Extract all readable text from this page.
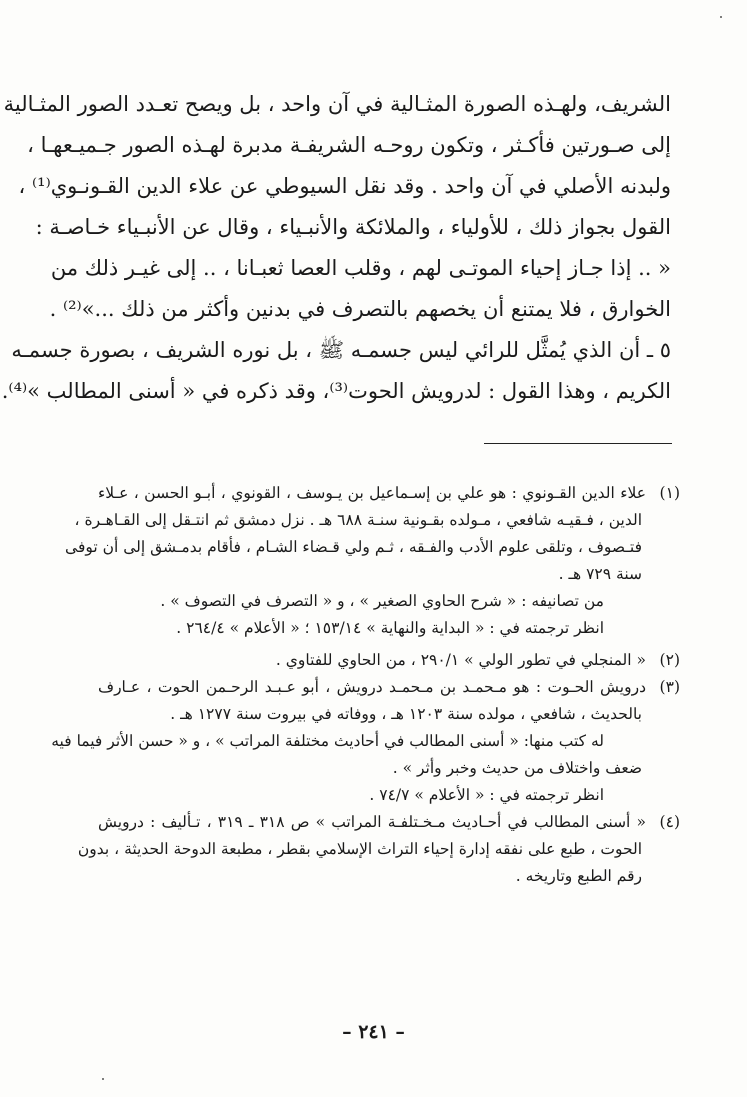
الشريف، ولهـذه الصورة المثـالية في آن واحد ، بل ويصح تعـدد الصور المثـالية

إلى صـورتين فأكـثر ، وتكون روحـه الشريفـة مدبرة لهـذه الصور جـميـعهـا ،

ولبدنه الأصلي في آن واحد . وقد نقل السيوطي عن علاء الدين القـونـوي⁽¹⁾ ،

القول بجواز ذلك ، للأولياء ، والملائكة والأنبـياء ، وقال عن الأنبـياء خـاصـة :

« .. إذا جـاز إحياء الموتـى لهم ، وقلب العصا ثعبـانا ، .. إلى غيـر ذلك من

الخوارق ، فلا يمتنع أن يخصهم بالتصرف في بدنين وأكثر من ذلك ...»⁽²⁾ .

٥ ـ أن الذي يُمثَّل للرائي ليس جسمـه ﷺ ، بل نوره الشريف ، بصورة جسمـه

الكريم ، وهذا القول : لدرويش الحوت⁽³⁾، وقد ذكره في « أسنى المطالب »⁽⁴⁾.

(١)علاء الدين القـونوي : هو علي بن إسـماعيل بن يـوسف ، القونوي ، أبـو الحسن ، عـلاء
الدين ، فـقيـه شافعي ، مـولده بقـونية سنـة ٦٨٨ هـ . نزل دمشق ثم انتـقل إلى القـاهـرة ،
فتـصوف ، وتلقى علوم الأدب والفـقه ، ثـم ولي قـضاء الشـام ، فأقام بدمـشق إلى أن توفى
سنة ٧٢٩ هـ .
من تصانيفه : « شرح الحاوي الصغير » ، و « التصرف في التصوف » .
انظر ترجمته في : « البداية والنهاية » ١٥٣/١٤ ؛ « الأعلام » ٢٦٤/٤ .
(٢)« المنجلي في تطور الولي » ٢٩٠/١ ، من الحاوي للفتاوي .
(٣)درويش الحـوت : هو مـحمـد بن مـحمـد درويش ، أبو عـبـد الرحـمن الحوت ، عـارف
بالحديث ، شافعي ، مولده سنة ١٢٠٣ هـ ، ووفاته في بيروت سنة ١٢٧٧ هـ .
له كتب منها: « أسنى المطالب في أحاديث مختلفة المراتب » ، و « حسن الأثر فيما فيه
ضعف واختلاف من حديث وخبر وأثر » .
انظر ترجمته في : « الأعلام » ٧٤/٧ .
(٤)« أسنى المطالب في أحـاديث مـخـتلفـة المراتب » ص ٣١٨ ـ ٣١٩ ، تـأليف : درويش
الحوت ، طبع على نفقه إدارة إحياء التراث الإسلامي بقطر ، مطبعة الدوحة الحديثة ، بدون
رقم الطبع وتاريخه .
– ٢٤١ –
